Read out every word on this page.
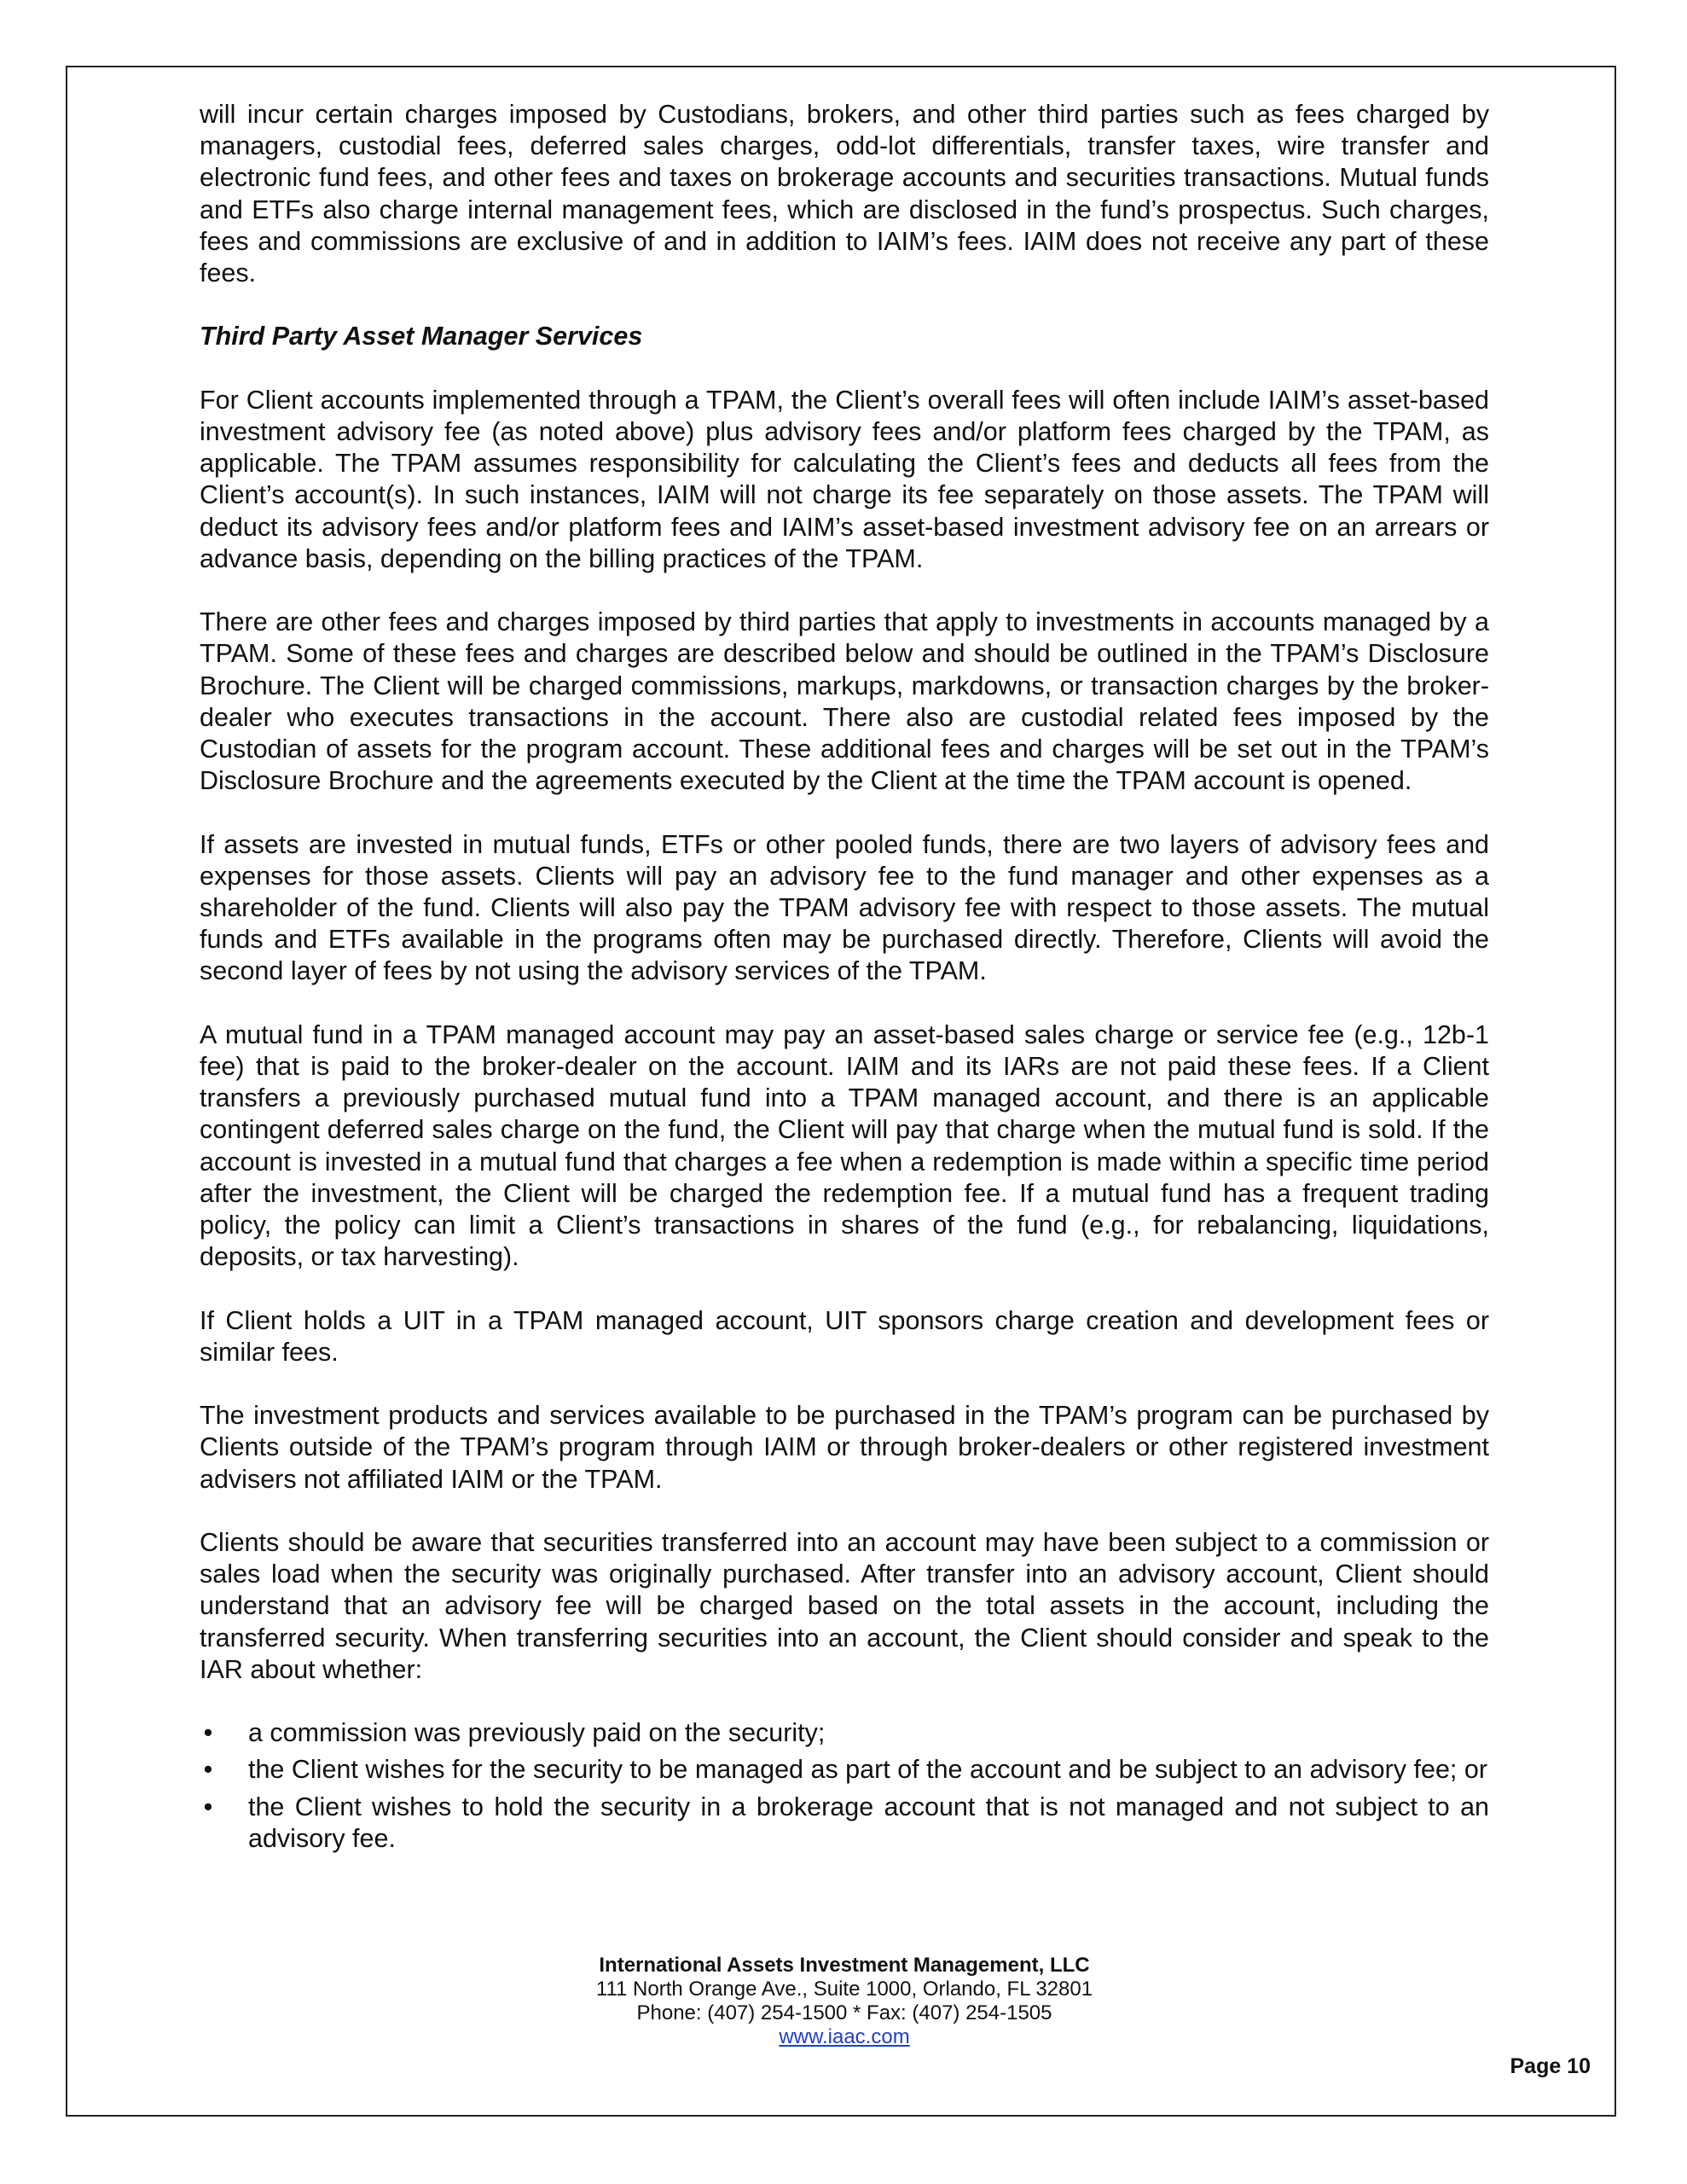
will incur certain charges imposed by Custodians, brokers, and other third parties such as fees charged by managers, custodial fees, deferred sales charges, odd-lot differentials, transfer taxes, wire transfer and electronic fund fees, and other fees and taxes on brokerage accounts and securities transactions. Mutual funds and ETFs also charge internal management fees, which are disclosed in the fund’s prospectus. Such charges, fees and commissions are exclusive of and in addition to IAIM’s fees. IAIM does not receive any part of these fees.

Third Party Asset Manager Services

For Client accounts implemented through a TPAM, the Client’s overall fees will often include IAIM’s asset-based investment advisory fee (as noted above) plus advisory fees and/or platform fees charged by the TPAM, as applicable. The TPAM assumes responsibility for calculating the Client’s fees and deducts all fees from the Client’s account(s). In such instances, IAIM will not charge its fee separately on those assets. The TPAM will deduct its advisory fees and/or platform fees and IAIM’s asset-based investment advisory fee on an arrears or advance basis, depending on the billing practices of the TPAM.

There are other fees and charges imposed by third parties that apply to investments in accounts managed by a TPAM. Some of these fees and charges are described below and should be outlined in the TPAM’s Disclosure Brochure. The Client will be charged commissions, markups, markdowns, or transaction charges by the broker-dealer who executes transactions in the account. There also are custodial related fees imposed by the Custodian of assets for the program account. These additional fees and charges will be set out in the TPAM’s Disclosure Brochure and the agreements executed by the Client at the time the TPAM account is opened.

If assets are invested in mutual funds, ETFs or other pooled funds, there are two layers of advisory fees and expenses for those assets. Clients will pay an advisory fee to the fund manager and other expenses as a shareholder of the fund. Clients will also pay the TPAM advisory fee with respect to those assets. The mutual funds and ETFs available in the programs often may be purchased directly. Therefore, Clients will avoid the second layer of fees by not using the advisory services of the TPAM.

A mutual fund in a TPAM managed account may pay an asset-based sales charge or service fee (e.g., 12b-1 fee) that is paid to the broker-dealer on the account. IAIM and its IARs are not paid these fees. If a Client transfers a previously purchased mutual fund into a TPAM managed account, and there is an applicable contingent deferred sales charge on the fund, the Client will pay that charge when the mutual fund is sold. If the account is invested in a mutual fund that charges a fee when a redemption is made within a specific time period after the investment, the Client will be charged the redemption fee. If a mutual fund has a frequent trading policy, the policy can limit a Client’s transactions in shares of the fund (e.g., for rebalancing, liquidations, deposits, or tax harvesting).

If Client holds a UIT in a TPAM managed account, UIT sponsors charge creation and development fees or similar fees.

The investment products and services available to be purchased in the TPAM’s program can be purchased by Clients outside of the TPAM’s program through IAIM or through broker-dealers or other registered investment advisers not affiliated IAIM or the TPAM.

Clients should be aware that securities transferred into an account may have been subject to a commission or sales load when the security was originally purchased. After transfer into an advisory account, Client should understand that an advisory fee will be charged based on the total assets in the account, including the transferred security. When transferring securities into an account, the Client should consider and speak to the IAR about whether:

• a commission was previously paid on the security;
• the Client wishes for the security to be managed as part of the account and be subject to an advisory fee; or
• the Client wishes to hold the security in a brokerage account that is not managed and not subject to an advisory fee.
International Assets Investment Management, LLC
111 North Orange Ave., Suite 1000, Orlando, FL 32801
Phone: (407) 254-1500 * Fax: (407) 254-1505
www.iaac.com
Page 10
